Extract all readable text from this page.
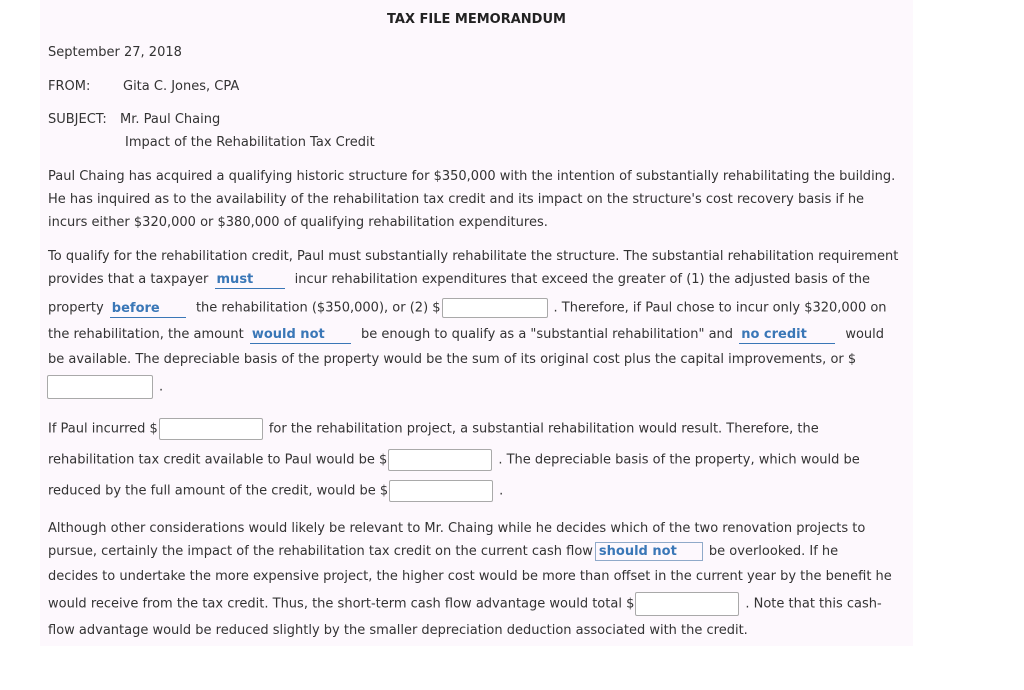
TAX FILE MEMORANDUM
September 27, 2018
FROM:	Gita C. Jones, CPA
SUBJECT: Mr. Paul Chaing
Impact of the Rehabilitation Tax Credit
Paul Chaing has acquired a qualifying historic structure for $350,000 with the intention of substantially rehabilitating the building.
He has inquired as to the availability of the rehabilitation tax credit and its impact on the structure's cost recovery basis if he
incurs either $320,000 or $380,000 of qualifying rehabilitation expenditures.
To qualify for the rehabilitation credit, Paul must substantially rehabilitate the structure. The substantial rehabilitation requirement
provides that a taxpayer must	incur rehabilitation expenditures that exceed the greater of (1) the adjusted basis of the
property before	the rehabilitation ($350,000), or (2) $	. Therefore, if Paul chose to incur only $320,000 on
the rehabilitation, the amount would not	be enough to qualify as a "substantial rehabilitation" and no credit	would
be available. The depreciable basis of the property would be the sum of its original cost plus the capital improvements, or $
.
If Paul incurred $	for the rehabilitation project, a substantial rehabilitation would result. Therefore, the
rehabilitation tax credit available to Paul would be $	. The depreciable basis of the property, which would be
reduced by the full amount of the credit, would be $	.
Although other considerations would likely be relevant to Mr. Chaing while he decides which of the two renovation projects to
pursue, certainly the impact of the rehabilitation tax credit on the current cash flow should not be overlooked. If he
decides to undertake the more expensive project, the higher cost would be more than offset in the current year by the benefit he
would receive from the tax credit. Thus, the short-term cash flow advantage would total $	. Note that this cash-
flow advantage would be reduced slightly by the smaller depreciation deduction associated with the credit.
